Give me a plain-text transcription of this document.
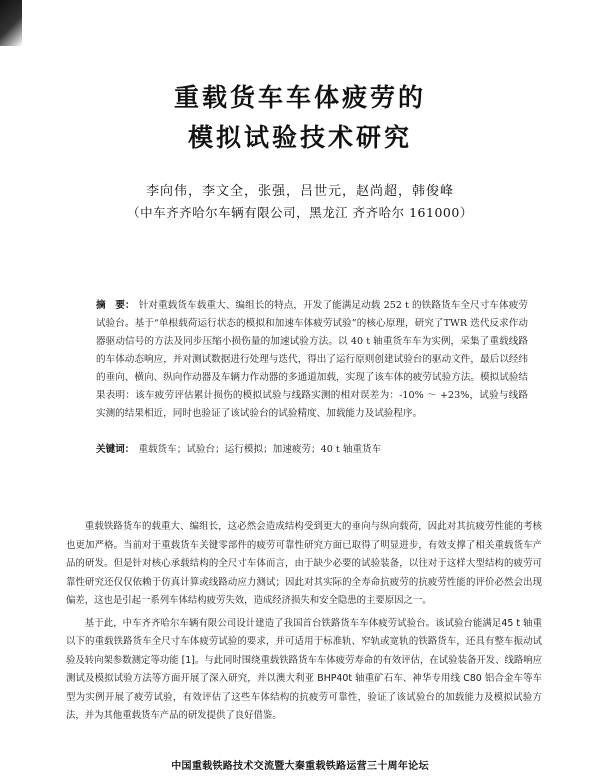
重载货车车体疲劳的
模拟试验技术研究
李向伟，李文全，张强，吕世元，赵尚超，韩俊峰
（中车齐齐哈尔车辆有限公司，黑龙江 齐齐哈尔 161000）
摘　要： 针对重载货车载重大、编组长的特点，开发了能满足动载 252 t 的铁路货车全尺寸车体疲劳试验台。基于“单根载荷运行状态的模拟和加速车体疲劳试验”的核心原理，研究了TWR 迭代反求作动器驱动信号的方法及同步压缩小损伤量的加速试验方法。以 40 t 轴重货车车为实例，采集了重载线路的车体动态响应，并对测试数据进行处理与迭代，得出了运行原则创建试验台的驱动文件，最后以经纬的垂向、横向、纵向作动器及车辆力作动器的多通道加载，实现了该车体的疲劳试验方法。模拟试验结果表明：该车疲劳评估累计损伤的模拟试验与线路实测的相对误差为：-10% ～ +23%，试验与线路实测的结果相近，同时也验证了该试验台的试验精度、加载能力及试验程序。
关键词： 重载货车；试验台；运行模拟；加速疲劳；40 t 轴重货车

重载铁路货车的载重大、编组长，这必然会造成结构受到更大的垂向与纵向载荷，因此对其抗疲劳性能的考核也更加严格。当前对于重载货车关键零部件的疲劳可靠性研究方面已取得了明显进步，有效支撑了相关重载货车产品的研发。但是针对核心承载结构的全尺寸车体而言，由于缺少必要的试验装备，以往对于这样大型结构的疲劳可靠性研究还仅仅依赖于仿真计算或线路动应力测试；因此对其实际的全寿命抗疲劳的抗疲劳性能的评价必然会出现偏差，这也是引起一系列车体结构疲劳失效，造成经济损失和安全隐患的主要原因之一。

基于此，中车齐齐哈尔车辆有限公司设计建造了我国首台铁路货车车体疲劳试验台。该试验台能满足45 t 轴重以下的重载铁路货车全尺寸车体疲劳试验的要求，并可适用于标准轨、窄轨或宽轨的铁路货车，还具有整车振动试验及转向架参数测定等功能 [1]。与此同时围绕重载铁路货车车体疲劳寿命的有效评估，在试验装备开发、线路响应测试及模拟试验方法等方面开展了深入研究，并以澳大利亚 BHP40t 轴重矿石车、神华专用线 C80 铝合金车等车型为实例开展了疲劳试验，有效评估了这些车体结构的抗疲劳可靠性，验证了该试验台的加载能力及模拟试验方法，并为其他重载货车产品的研发提供了良好借鉴。

中国重载铁路技术交流暨大秦重载铁路运营三十周年论坛
